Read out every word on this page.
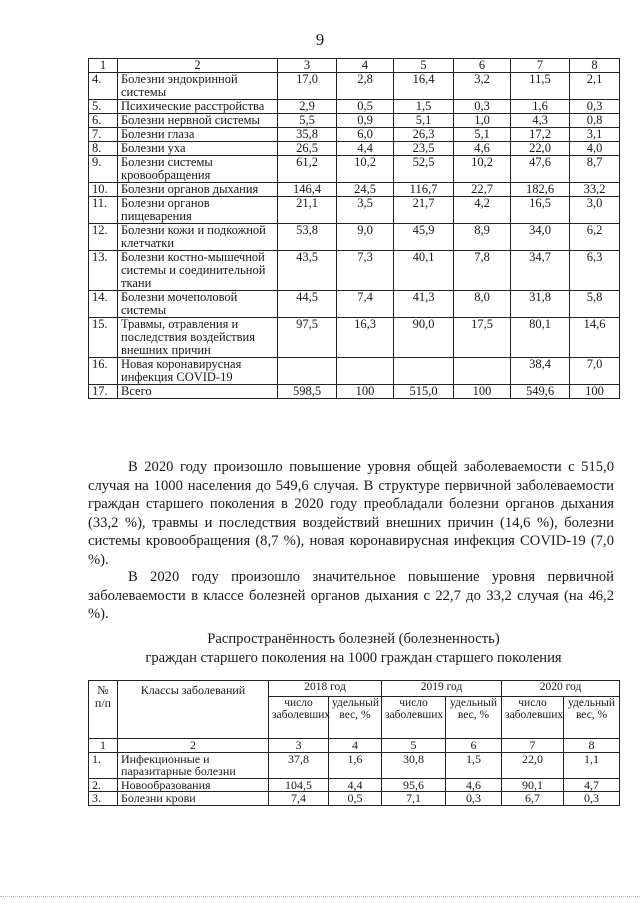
9
1	2	3	4	5	6	7	8
4.	Болезни эндокринной системы	17,0	2,8	16,4	3,2	11,5	2,1
5.	Психические расстройства	2,9	0,5	1,5	0,3	1,6	0,3
6.	Болезни нервной системы	5,5	0,9	5,1	1,0	4,3	0,8
7.	Болезни глаза	35,8	6,0	26,3	5,1	17,2	3,1
8.	Болезни уха	26,5	4,4	23,5	4,6	22,0	4,0
9.	Болезни системы кровообращения	61,2	10,2	52,5	10,2	47,6	8,7
10.	Болезни органов дыхания	146,4	24,5	116,7	22,7	182,6	33,2
11.	Болезни органов пищеварения	21,1	3,5	21,7	4,2	16,5	3,0
12.	Болезни кожи и подкожной клетчатки	53,8	9,0	45,9	8,9	34,0	6,2
13.	Болезни костно-мышечной системы и соединительной ткани	43,5	7,3	40,1	7,8	34,7	6,3
14.	Болезни мочеполовой системы	44,5	7,4	41,3	8,0	31,8	5,8
15.	Травмы, отравления и последствия воздействия внешних причин	97,5	16,3	90,0	17,5	80,1	14,6
16.	Новая коронавирусная инфекция COVID-19					38,4	7,0
17.	Всего	598,5	100	515,0	100	549,6	100

В 2020 году произошло повышение уровня общей заболеваемости с 515,0 случая на 1000 населения до 549,6 случая. В структуре первичной заболеваемости граждан старшего поколения в 2020 году преобладали болезни органов дыхания (33,2 %), травмы и последствия воздействий внешних причин (14,6 %), болезни системы кровообращения (8,7 %), новая коронавирусная инфекция COVID-19 (7,0 %).

В 2020 году произошло значительное повышение уровня первичной заболеваемости в классе болезней органов дыхания с 22,7 до 33,2 случая (на 46,2 %).

Распространённость болезней (болезненность)

граждан старшего поколения на 1000 граждан старшего поколения

№ п/п	Классы заболеваний	2018 год		2019 год		2020 год	
		число заболевших	удельный вес, %	число заболевших	удельный вес, %	число заболевших	удельный вес, %
1	2	3	4	5	6	7	8
1.	Инфекционные и паразитарные болезни	37,8	1,6	30,8	1,5	22,0	1,1
2.	Новообразования	104,5	4,4	95,6	4,6	90,1	4,7
3.	Болезни крови	7,4	0,5	7,1	0,3	6,7	0,3
